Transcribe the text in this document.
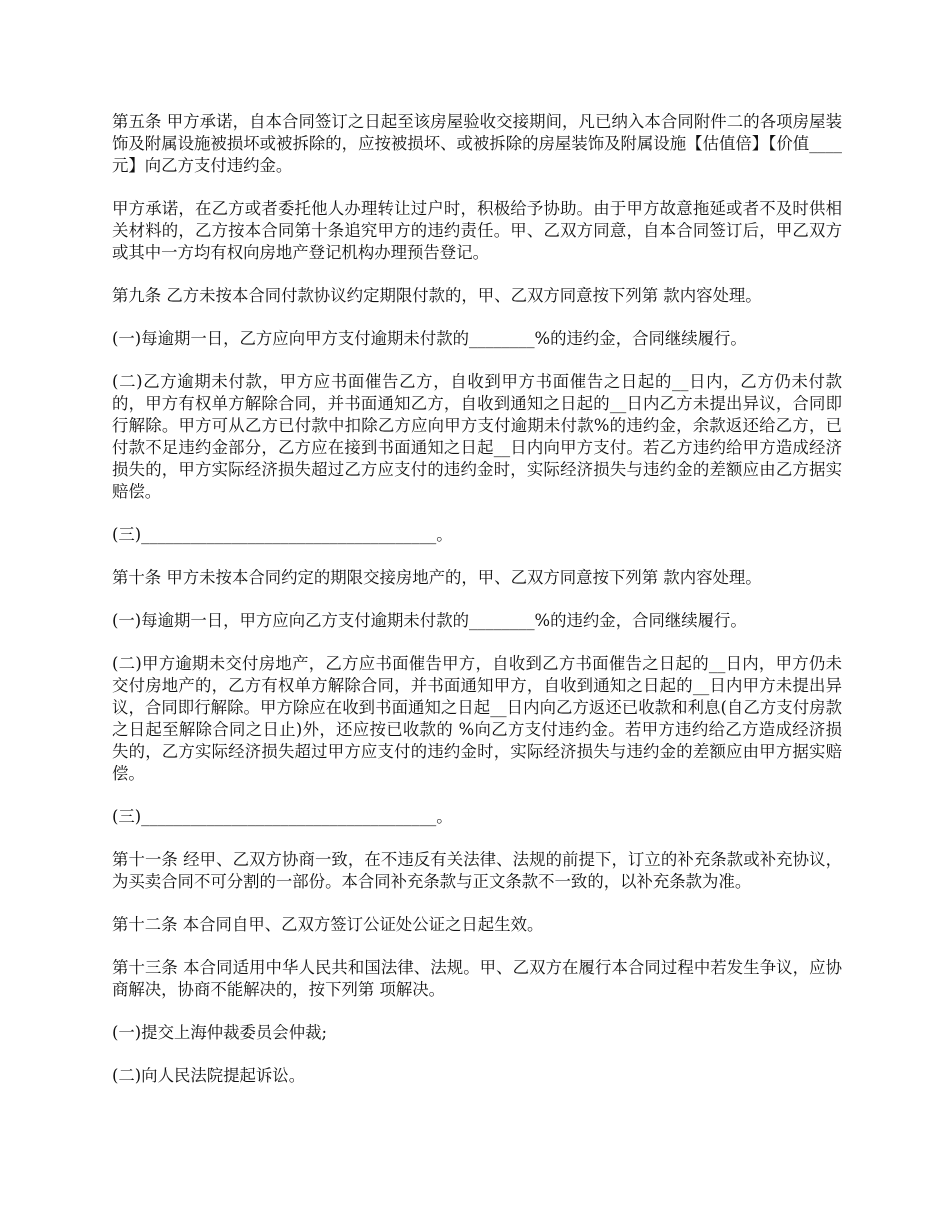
第五条 甲方承诺，自本合同签订之日起至该房屋验收交接期间，凡已纳入本合同附件二的各项房屋装饰及附属设施被损坏或被拆除的，应按被损坏、或被拆除的房屋装饰及附属设施【估值倍】【价值____元】向乙方支付违约金。

甲方承诺，在乙方或者委托他人办理转让过户时，积极给予协助。由于甲方故意拖延或者不及时供相关材料的，乙方按本合同第十条追究甲方的违约责任。甲、乙双方同意，自本合同签订后，甲乙双方或其中一方均有权向房地产登记机构办理预告登记。

第九条 乙方未按本合同付款协议约定期限付款的，甲、乙双方同意按下列第 款内容处理。

(一)每逾期一日，乙方应向甲方支付逾期未付款的________%的违约金，合同继续履行。

(二)乙方逾期未付款，甲方应书面催告乙方，自收到甲方书面催告之日起的__日内，乙方仍未付款的，甲方有权单方解除合同，并书面通知乙方，自收到通知之日起的__日内乙方未提出异议，合同即行解除。甲方可从乙方已付款中扣除乙方应向甲方支付逾期未付款%的违约金，余款返还给乙方，已付款不足违约金部分，乙方应在接到书面通知之日起__日内向甲方支付。若乙方违约给甲方造成经济损失的，甲方实际经济损失超过乙方应支付的违约金时，实际经济损失与违约金的差额应由乙方据实赔偿。

(三)____________________________________。

第十条 甲方未按本合同约定的期限交接房地产的，甲、乙双方同意按下列第 款内容处理。

(一)每逾期一日，甲方应向乙方支付逾期未付款的________%的违约金，合同继续履行。

(二)甲方逾期未交付房地产，乙方应书面催告甲方，自收到乙方书面催告之日起的__日内，甲方仍未交付房地产的，乙方有权单方解除合同，并书面通知甲方，自收到通知之日起的__日内甲方未提出异议，合同即行解除。甲方除应在收到书面通知之日起__日内向乙方返还已收款和利息(自乙方支付房款之日起至解除合同之日止)外，还应按已收款的 %向乙方支付违约金。若甲方违约给乙方造成经济损失的，乙方实际经济损失超过甲方应支付的违约金时，实际经济损失与违约金的差额应由甲方据实赔偿。

(三)____________________________________。

第十一条 经甲、乙双方协商一致，在不违反有关法律、法规的前提下，订立的补充条款或补充协议，为买卖合同不可分割的一部份。本合同补充条款与正文条款不一致的，以补充条款为准。

第十二条 本合同自甲、乙双方签订公证处公证之日起生效。

第十三条 本合同适用中华人民共和国法律、法规。甲、乙双方在履行本合同过程中若发生争议，应协商解决，协商不能解决的，按下列第 项解决。

(一)提交上海仲裁委员会仲裁;

(二)向人民法院提起诉讼。
